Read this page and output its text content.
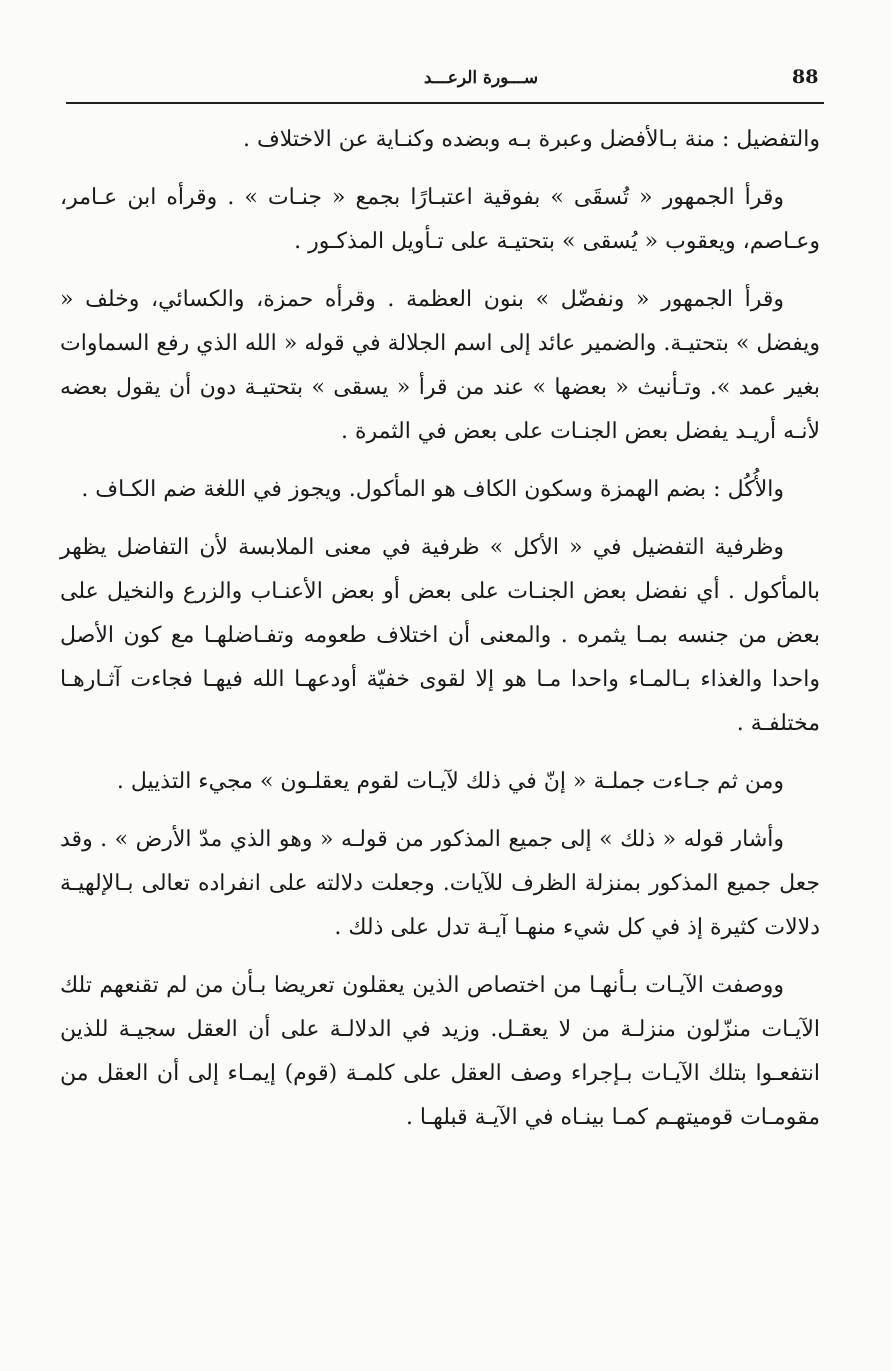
88
ســـورة الرعـــد

والتفضيل : منة بـالأفضل وعبرة بـه وبضده وكنـاية عن الاختلاف .

وقرأ الجمهور « تُسقَى » بفوقية اعتبـارًا بجمع « جنـات » . وقرأه ابن عـامر، وعـاصم، ويعقوب « يُسقى » بتحتيـة على تـأويل المذكـور .

وقرأ الجمهور « ونفضّل » بنون العظمة . وقرأه حمزة، والكسائي، وخلف « ويفضل » بتحتيـة. والضمير عائد إلى اسم الجلالة في قوله « الله الذي رفع السماوات بغير عمد ». وتـأنيث « بعضها » عند من قرأ « يسقى » بتحتيـة دون أن يقول بعضه لأنـه أريـد يفضل بعض الجنـات على بعض في الثمرة .

والأُكُل : بضم الهمزة وسكون الكاف هو المأكول. ويجوز في اللغة ضم الكـاف .

وظرفية التفضيل في « الأكل » ظرفية في معنى الملابسة لأن التفاضل يظهر بالمأكول . أي نفضل بعض الجنـات على بعض أو بعض الأعنـاب والزرع والنخيل على بعض من جنسه بمـا يثمره . والمعنى أن اختلاف طعومه وتفـاضلهـا مع كون الأصل واحدا والغذاء بـالمـاء واحدا مـا هو إلا لقوى خفيّة أودعهـا الله فيهـا فجاءت آثـارهـا مختلفـة .

ومن ثم جـاءت جملـة « إنّ في ذلك لآيـات لقوم يعقلـون » مجيء التذييل .

وأشار قوله « ذلك » إلى جميع المذكور من قولـه « وهو الذي مدّ الأرض » . وقد جعل جميع المذكور بمنزلة الظرف للآيات. وجعلت دلالته على انفراده تعالى بـالإلهيـة دلالات كثيرة إذ في كل شيء منهـا آيـة تدل على ذلك .

ووصفت الآيـات بـأنهـا من اختصاص الذين يعقلون تعريضا بـأن من لم تقنعهم تلك الآيـات منزّلون منزلـة من لا يعقـل. وزيد في الدلالـة على أن العقل سجيـة للذين انتفعـوا بتلك الآيـات بـإجراء وصف العقل على كلمـة (قوم) إيمـاء إلى أن العقل من مقومـات قوميتهـم كمـا بينـاه في الآيـة قبلهـا .
